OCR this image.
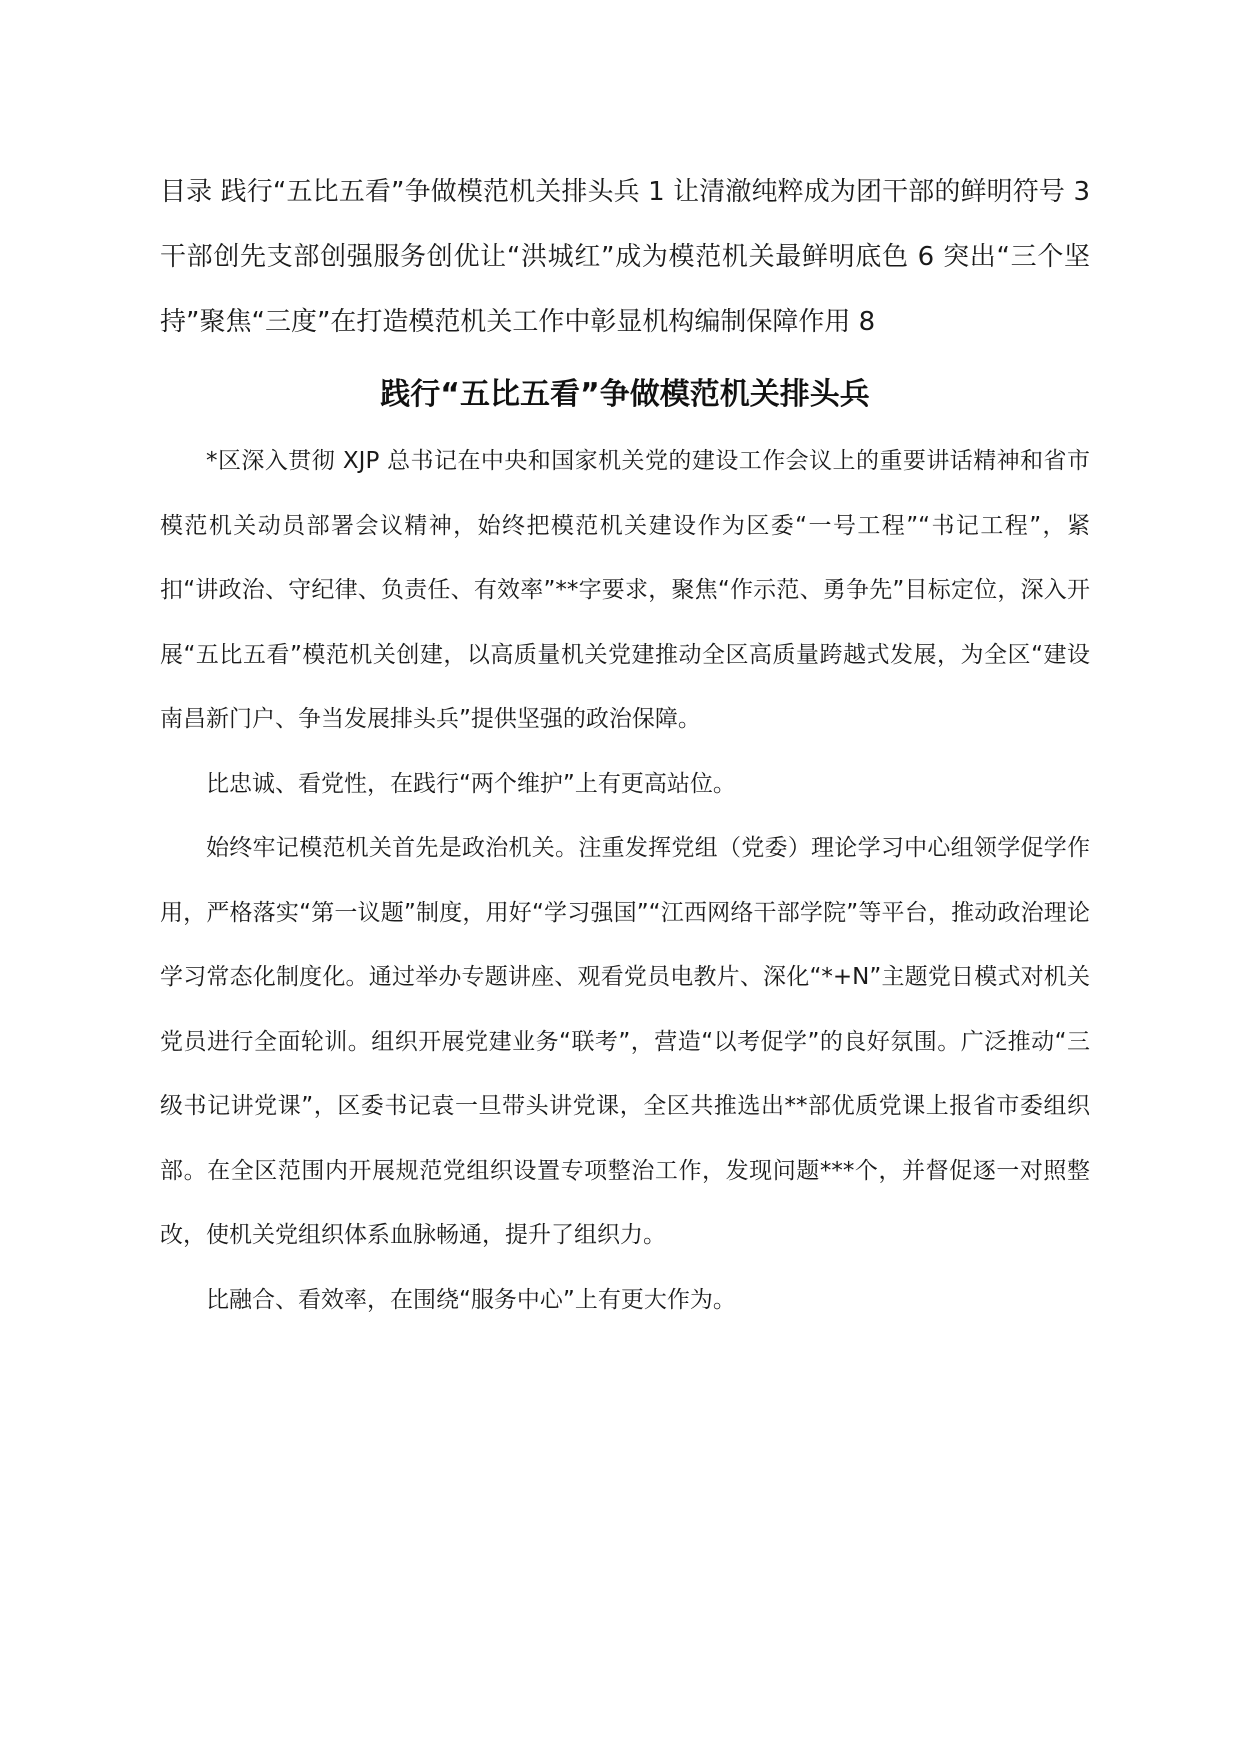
目录 践行“五比五看”争做模范机关排头兵 1 让清澈纯粹成为团干部的鲜明符号 3 干部创先支部创强服务创优让“洪城红”成为模范机关最鲜明底色 6 突出“三个坚持”聚焦“三度”在打造模范机关工作中彰显机构编制保障作用 8

践行“五比五看”争做模范机关排头兵

*区深入贯彻 XJP 总书记在中央和国家机关党的建设工作会议上的重要讲话精神和省市模范机关动员部署会议精神，始终把模范机关建设作为区委“一号工程”“书记工程”，紧扣“讲政治、守纪律、负责任、有效率”**字要求，聚焦“作示范、勇争先”目标定位，深入开展“五比五看”模范机关创建，以高质量机关党建推动全区高质量跨越式发展，为全区“建设南昌新门户、争当发展排头兵”提供坚强的政治保障。

比忠诚、看党性，在践行“两个维护”上有更高站位。

始终牢记模范机关首先是政治机关。注重发挥党组（党委）理论学习中心组领学促学作用，严格落实“第一议题”制度，用好“学习强国”“江西网络干部学院”等平台，推动政治理论学习常态化制度化。通过举办专题讲座、观看党员电教片、深化“*+N”主题党日模式对机关党员进行全面轮训。组织开展党建业务“联考”，营造“以考促学”的良好氛围。广泛推动“三级书记讲党课”，区委书记袁一旦带头讲党课，全区共推选出**部优质党课上报省市委组织部。在全区范围内开展规范党组织设置专项整治工作，发现问题***个，并督促逐一对照整改，使机关党组织体系血脉畅通，提升了组织力。

比融合、看效率，在围绕“服务中心”上有更大作为。
